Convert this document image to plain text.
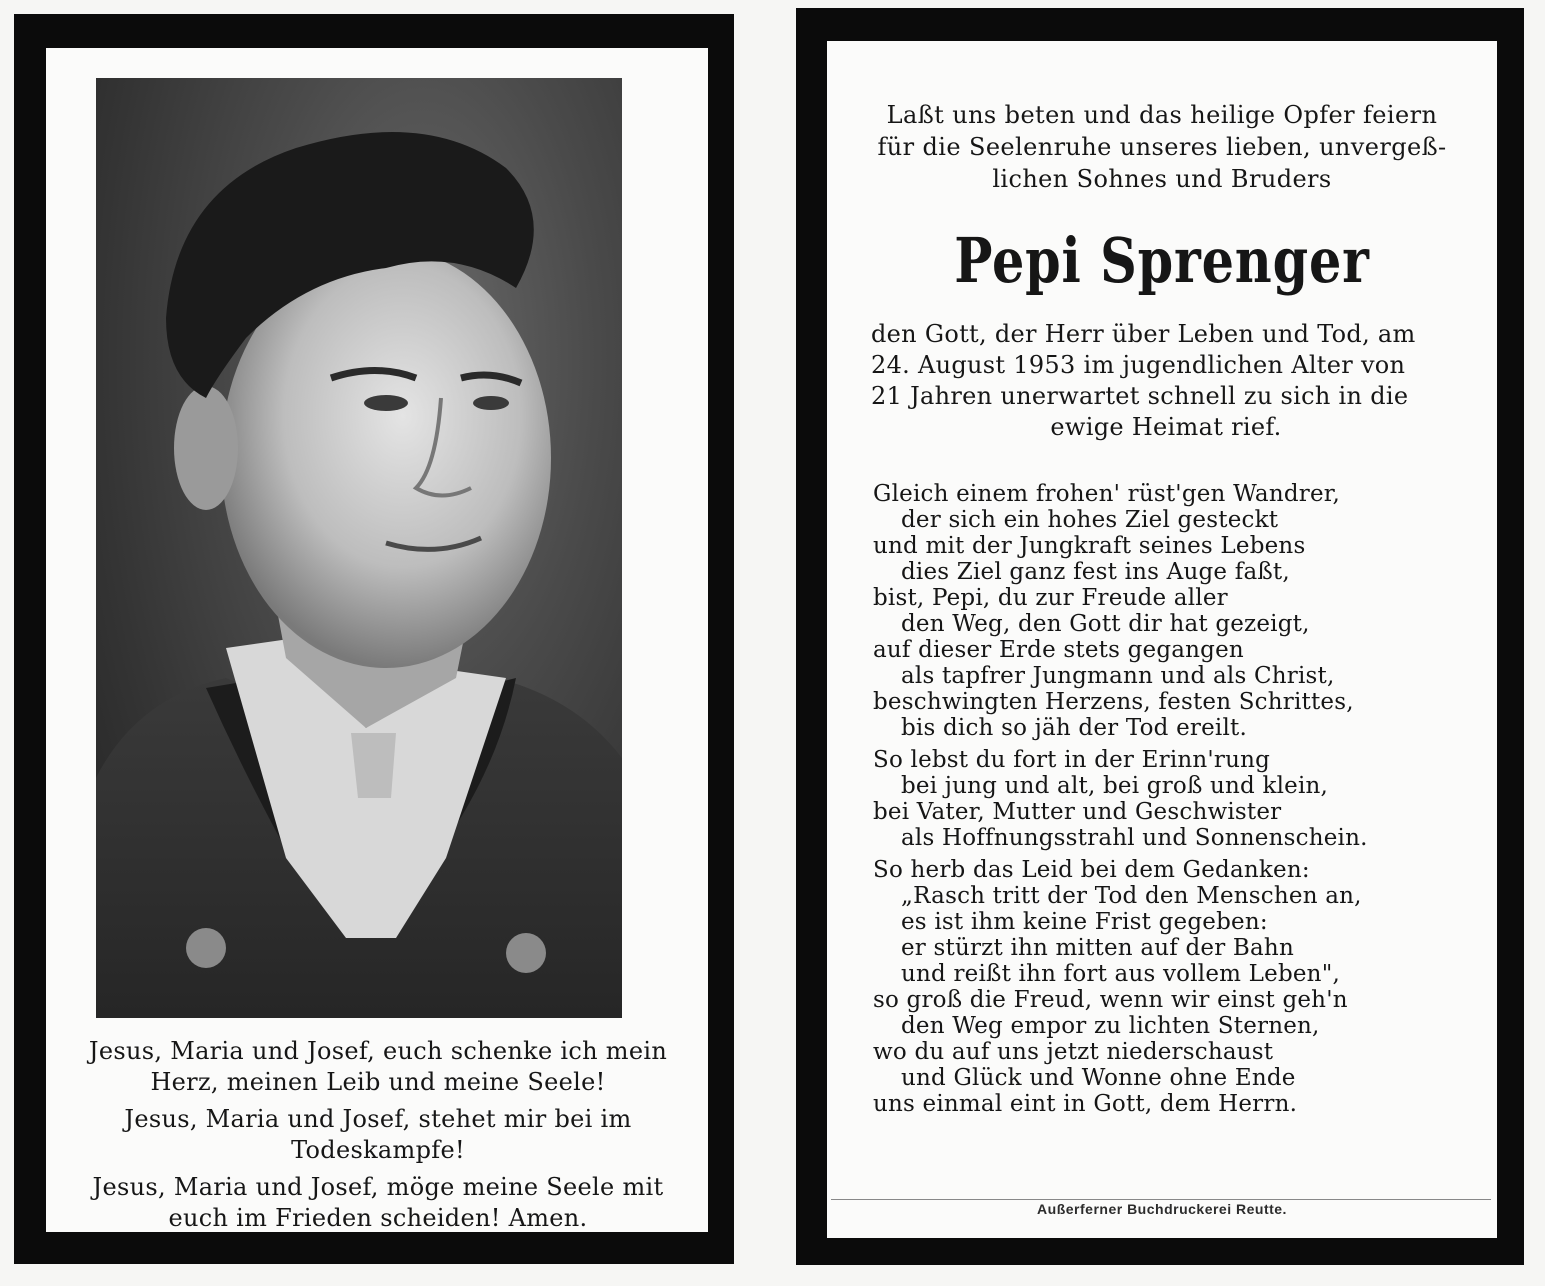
Jesus, Maria und Josef, euch schenke ich mein Herz, meinen Leib und meine Seele!

Jesus, Maria und Josef, stehet mir bei im Todeskampfe!

Jesus, Maria und Josef, möge meine Seele mit euch im Frieden scheiden! Amen.

Laßt uns beten und das heilige Opfer feiern
für die Seelenruhe unseres lieben, unvergeß-
lichen Sohnes und Bruders
Pepi Sprenger
den Gott, der Herr über Leben und Tod, am
24. August 1953 im jugendlichen Alter von
21 Jahren unerwartet schnell zu sich in die
ewige Heimat rief.
Gleich einem frohen' rüst'gen Wandrer,
der sich ein hohes Ziel gesteckt
und mit der Jungkraft seines Lebens
dies Ziel ganz fest ins Auge faßt,
bist, Pepi, du zur Freude aller
den Weg, den Gott dir hat gezeigt,
auf dieser Erde stets gegangen
als tapfrer Jungmann und als Christ,
beschwingten Herzens, festen Schrittes,
bis dich so jäh der Tod ereilt.
So lebst du fort in der Erinn'rung
bei jung und alt, bei groß und klein,
bei Vater, Mutter und Geschwister
als Hoffnungsstrahl und Sonnenschein.
So herb das Leid bei dem Gedanken:
„Rasch tritt der Tod den Menschen an,
es ist ihm keine Frist gegeben:
er stürzt ihn mitten auf der Bahn
und reißt ihn fort aus vollem Leben",
so groß die Freud, wenn wir einst geh'n
den Weg empor zu lichten Sternen,
wo du auf uns jetzt niederschaust
und Glück und Wonne ohne Ende
uns einmal eint in Gott, dem Herrn.
Außerferner Buchdruckerei Reutte.
